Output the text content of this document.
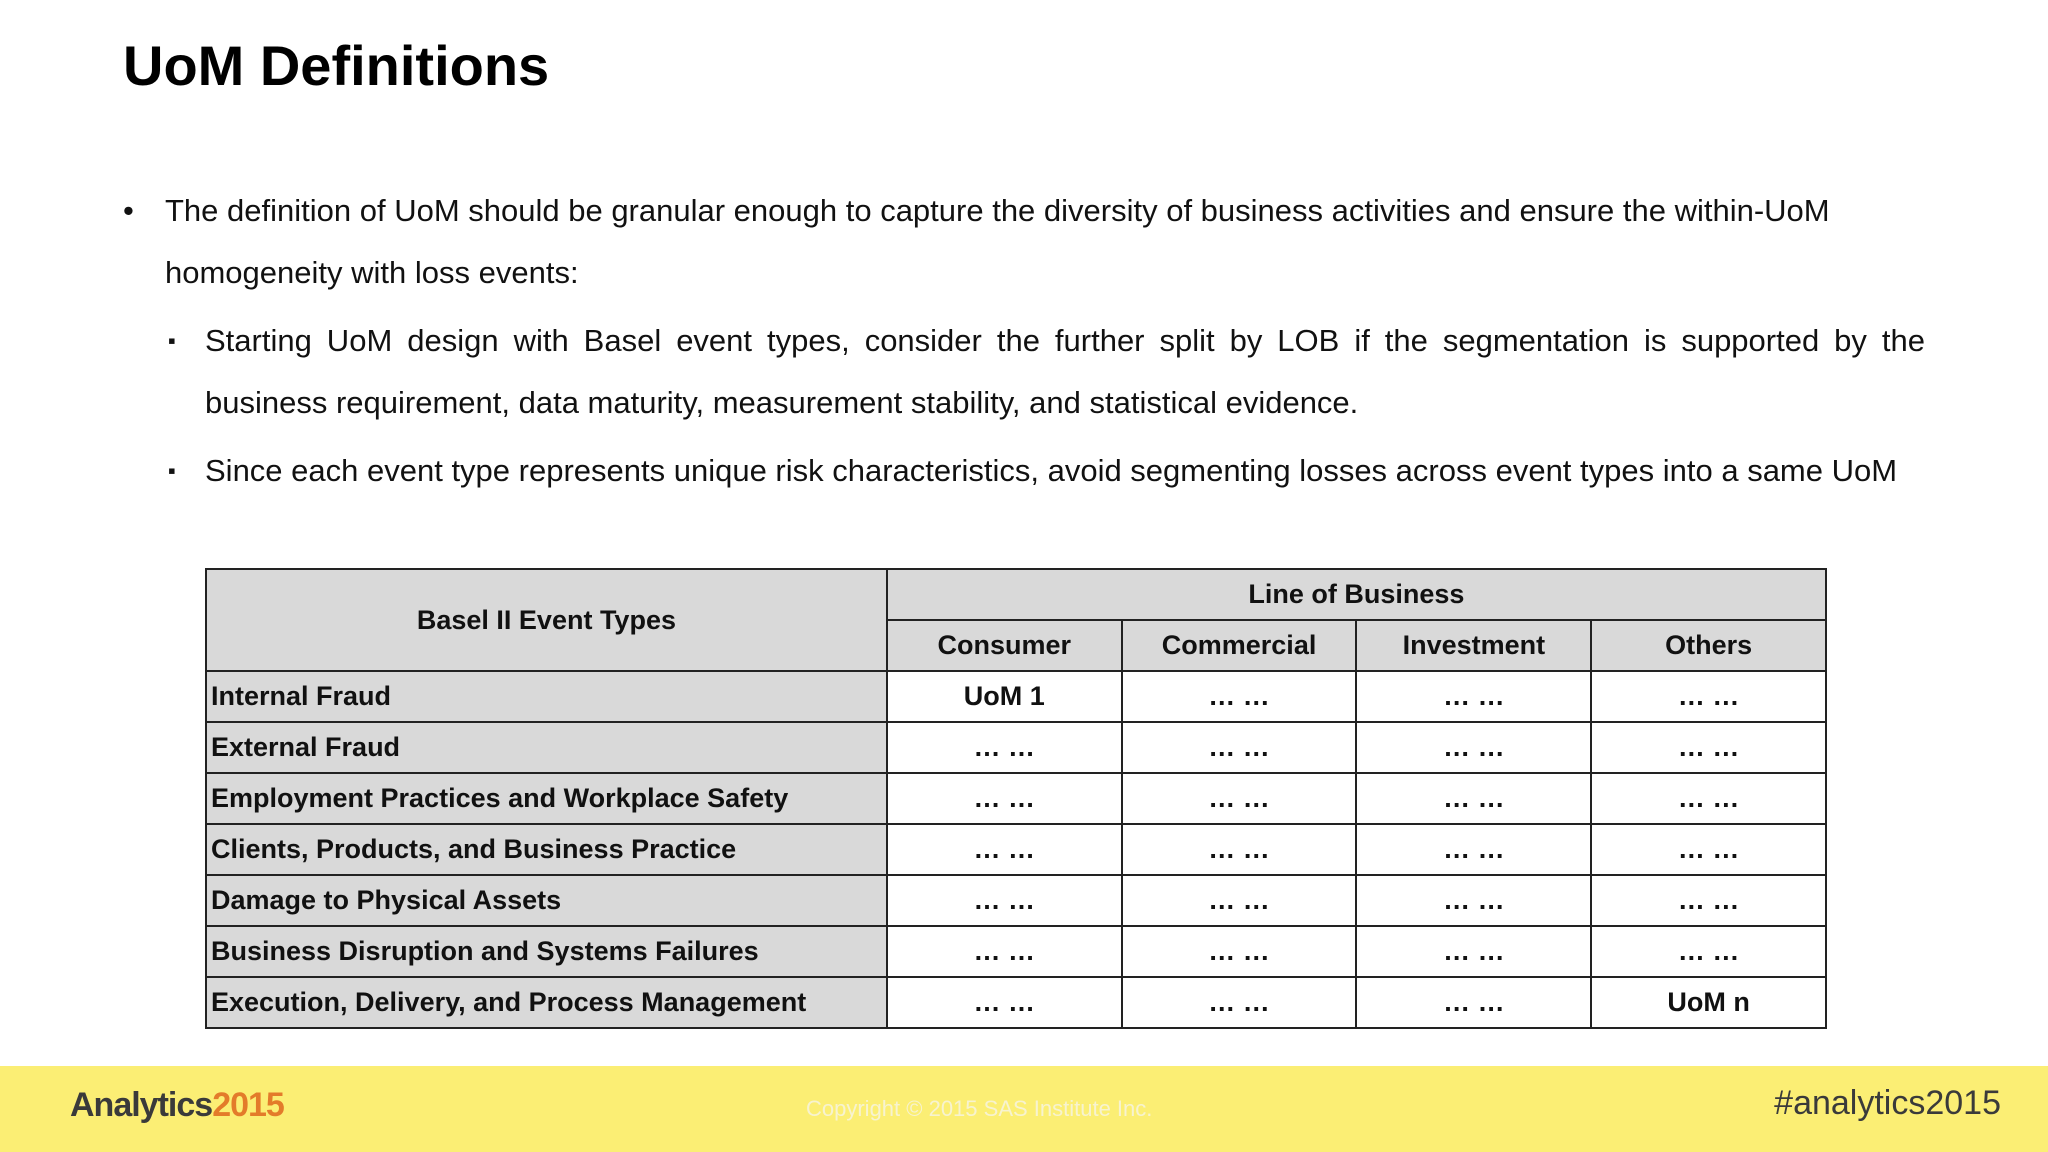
UoM Definitions
• The definition of UoM should be granular enough to capture the diversity of business activities and ensure the within-UoM homogeneity with loss events:
▪ Starting UoM design with Basel event types, consider the further split by LOB if the segmentation is supported by the business requirement, data maturity, measurement stability, and statistical evidence.
▪ Since each event type represents unique risk characteristics, avoid segmenting losses across event types into a same UoM
Basel II Event Types	Line of Business			
	Consumer	Commercial	Investment	Others
Internal Fraud	UoM 1	… …	… …	… …
External Fraud	… …	… …	… …	… …
Employment Practices and Workplace Safety	… …	… …	… …	… …
Clients, Products, and Business Practice	… …	… …	… …	… …
Damage to Physical Assets	… …	… …	… …	… …
Business Disruption and Systems Failures	… …	… …	… …	… …
Execution, Delivery, and Process Management	… …	… …	… …	UoM n
Analytics2015	Copyright © 2015 SAS Institute Inc.	#analytics2015
